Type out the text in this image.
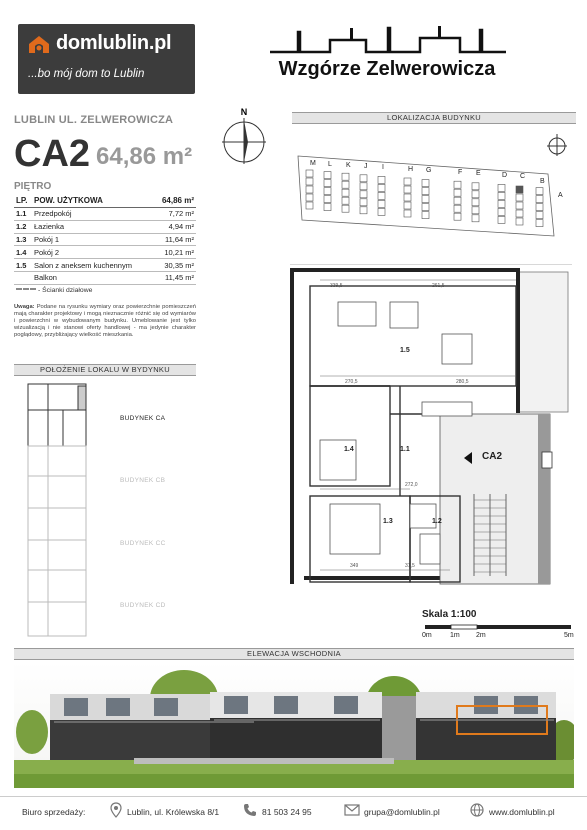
domlublin.pl
...bo mój dom to Lublin	Wzgórze Zelwerowicza
LUBLIN UL. ZELWEROWICZA
CA2 64,86 m²
N
PIĘTRO
LP.	POW. UŻYTKOWA	64,86 m²
1.1	Przedpokój	7,72 m²
1.2	Łazienka	4,94 m²
1.3	Pokój 1	11,64 m²
1.4	Pokój 2	10,21 m²
1.5	Salon z aneksem kuchennym	30,35 m²
	Balkon	11,45 m²
- Ścianki działowe
Uwaga: Podane na rysunku wymiary oraz powierzchnie pomieszczeń mają charakter projektowy i mogą nieznacznie różnić się od wymiarów i powierzchni w wybudowanym budynku. Umeblowanie jest tylko wizualizacją i nie stanowi oferty handlowej - ma jedynie charakter poglądowy, przybliżający wielkość mieszkania.
POŁOŻENIE LOKALU W BYDYNKU
BUDYNEK CA
BUDYNEK CB
BUDYNEK CC
BUDYNEK CD
LOKALIZACJA BUDYNKU
M L K J I	H G	F E	D C
B
A
1.5
1.4	1.1
1.3	1.2
CA2
339,5	261,5
270,5	280,5
272,0
349	31,5
Skala 1:100
0m	1m 2m	5m
ELEWACJA WSCHODNIA
Biuro sprzedaży:	Lublin, ul. Królewska 8/1	81 503 24 95	grupa@domlublin.pl	www.domlublin.pl
